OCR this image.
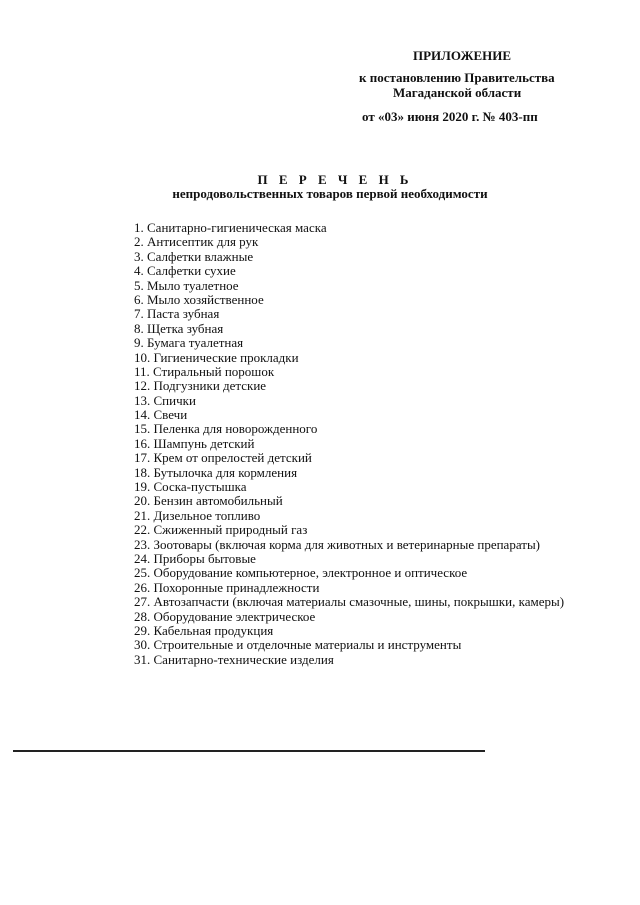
ПРИЛОЖЕНИЕ
к постановлению Правительства
Магаданской области
от «03» июня 2020 г. № 403-пп
П Е Р Е Ч Е Н Ь
непродовольственных товаров первой необходимости
1. Санитарно-гигиеническая маска
2. Антисептик для рук
3. Салфетки влажные
4. Салфетки сухие
5. Мыло туалетное
6. Мыло хозяйственное
7. Паста зубная
8. Щетка зубная
9. Бумага туалетная
10. Гигиенические прокладки
11. Стиральный порошок
12. Подгузники детские
13. Спички
14. Свечи
15. Пеленка для новорожденного
16. Шампунь детский
17. Крем от опрелостей детский
18. Бутылочка для кормления
19. Соска-пустышка
20. Бензин автомобильный
21. Дизельное топливо
22. Сжиженный природный газ
23. Зоотовары (включая корма для животных и ветеринарные препараты)
24. Приборы бытовые
25. Оборудование компьютерное, электронное и оптическое
26. Похоронные принадлежности
27. Автозапчасти (включая материалы смазочные, шины, покрышки, камеры)
28. Оборудование электрическое
29. Кабельная продукция
30. Строительные и отделочные материалы и инструменты
31. Санитарно-технические изделия
